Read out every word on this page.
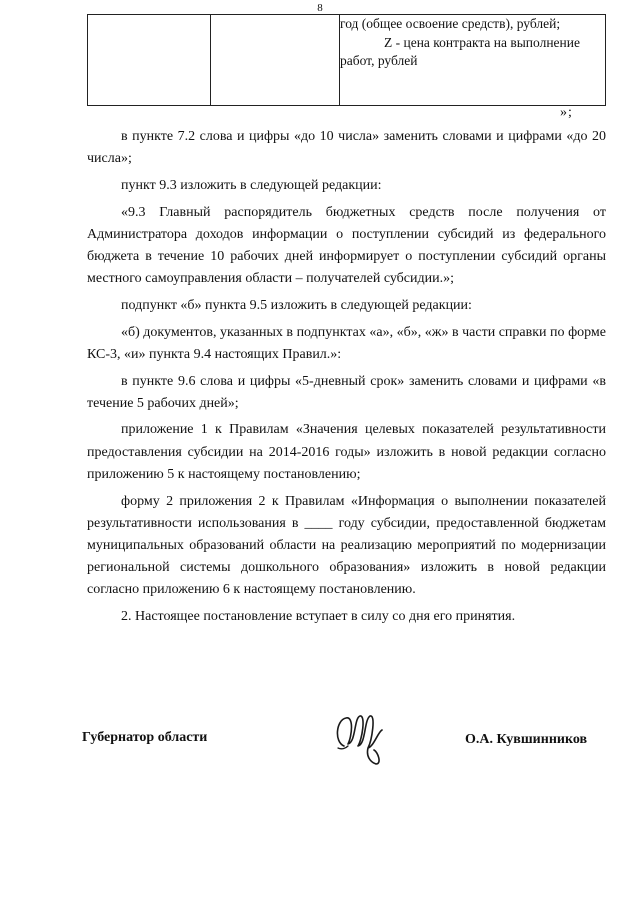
8

год (общее освоение средств), рублей;
Z - цена контракта на выполнение
работ, рублей
»;

в пункте 7.2 слова и цифры «до 10 числа» заменить словами и цифрами «до 20 числа»;

пункт 9.3 изложить в следующей редакции:

«9.3 Главный распорядитель бюджетных средств после получения от Администратора доходов информации о поступлении субсидий из федерального бюджета в течение 10 рабочих дней информирует о поступлении субсидий органы местного самоуправления области – получателей субсидии.»;

подпункт «б» пункта 9.5 изложить в следующей редакции:

«б) документов, указанных в подпунктах «а», «б», «ж» в части справки по форме КС-3, «и» пункта 9.4 настоящих Правил.»:

в пункте 9.6 слова и цифры «5-дневный срок» заменить словами и цифрами «в течение 5 рабочих дней»;

приложение 1 к Правилам «Значения целевых показателей результативности предоставления субсидии на 2014-2016 годы» изложить в новой редакции согласно приложению 5 к настоящему постановлению;

форму 2 приложения 2 к Правилам «Информация о выполнении показателей результативности использования в ____ году субсидии, предоставленной бюджетам муниципальных образований области на реализацию мероприятий по модернизации региональной системы дошкольного образования» изложить в новой редакции согласно приложению 6 к настоящему постановлению.

2. Настоящее постановление вступает в силу со дня его принятия.

Губернатор области	О.А. Кувшинников
